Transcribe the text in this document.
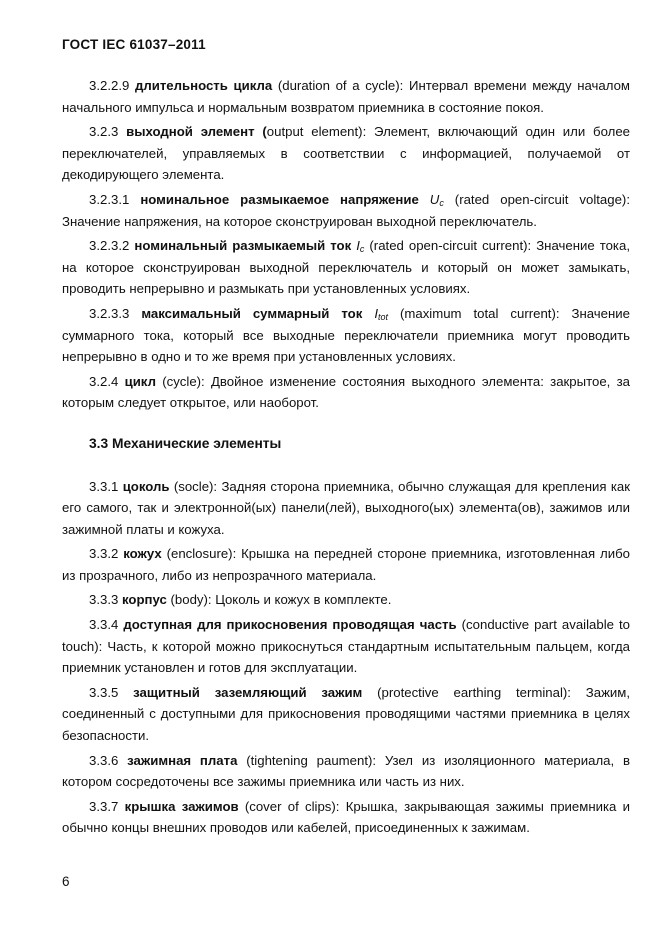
ГОСТ IEC 61037–2011

3.2.2.9 длительность цикла (duration of a cycle): Интервал времени между началом начального импульса и нормальным возвратом приемника в состояние покоя.

3.2.3 выходной элемент (output element): Элемент, включающий один или более переключателей, управляемых в соответствии с информацией, получаемой от декодирующего элемента.

3.2.3.1 номинальное размыкаемое напряжение $U_c$ (rated open-circuit voltage): Значение напряжения, на которое сконструирован выходной переключатель.

3.2.3.2 номинальный размыкаемый ток $I_c$ (rated open-circuit current): Значение тока, на которое сконструирован выходной переключатель и который он может замыкать, проводить непрерывно и размыкать при установленных условиях.

3.2.3.3 максимальный суммарный ток $I_{tot}$ (maximum total current): Значение суммарного тока, который все выходные переключатели приемника могут проводить непрерывно в одно и то же время при установленных условиях.

3.2.4 цикл (cycle): Двойное изменение состояния выходного элемента: закрытое, за которым следует открытое, или наоборот.

3.3 Механические элементы

3.3.1 цоколь (socle): Задняя сторона приемника, обычно служащая для крепления как его самого, так и электронной(ых) панели(лей), выходного(ых) элемента(ов), зажимов или зажимной платы и кожуха.

3.3.2 кожух (enclosure): Крышка на передней стороне приемника, изготовленная либо из прозрачного, либо из непрозрачного материала.

3.3.3 корпус (body): Цоколь и кожух в комплекте.

3.3.4 доступная для прикосновения проводящая часть (conductive part available to touch): Часть, к которой можно прикоснуться стандартным испытательным пальцем, когда приемник установлен и готов для эксплуатации.

3.3.5 защитный заземляющий зажим (protective earthing terminal): Зажим, соединенный с доступными для прикосновения проводящими частями приемника в целях безопасности.

3.3.6 зажимная плата (tightening paument): Узел из изоляционного материала, в котором сосредоточены все зажимы приемника или часть из них.

3.3.7 крышка зажимов (cover of clips): Крышка, закрывающая зажимы приемника и обычно концы внешних проводов или кабелей, присоединенных к зажимам.

6
